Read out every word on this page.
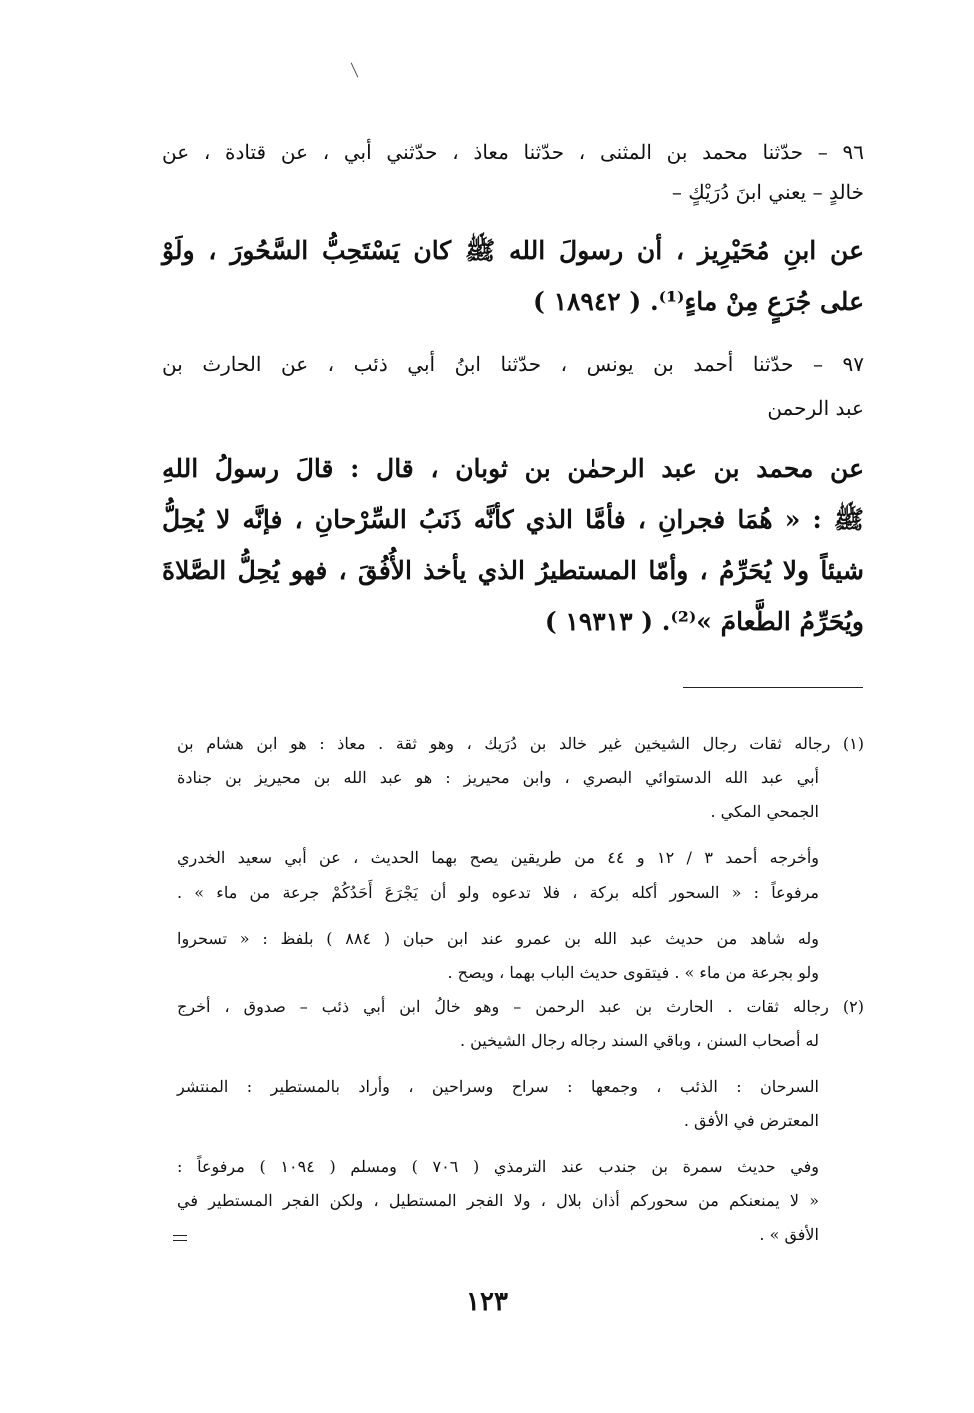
٩٦ – حدّثنا محمد بن المثنى ، حدّثنا معاذ ، حدّثني أبي ، عن قتادة ، عن

خالدٍ – يعني ابنَ دُرَيْكٍ –

عن ابنِ مُحَيْرِيز ، أن رسولَ الله ﷺ كان يَسْتَحِبُّ السَّحُورَ ، ولَوْ

على جُرَعٍ مِنْ ماءٍ⁽¹⁾. ( ١٨٩٤٢ )

٩٧ – حدّثنا أحمد بن يونس ، حدّثنا ابنُ أبي ذئب ، عن الحارث بن

عبد الرحمن

عن محمد بن عبد الرحمٰن بن ثوبان ، قال : قالَ رسولُ اللهِ

ﷺ : « هُمَا فجرانِ ، فأمَّا الذي كأنَّه ذَنَبُ السِّرْحانِ ، فإنَّه لا يُحِلُّ

شيئاً ولا يُحَرِّمُ ، وأمّا المستطيرُ الذي يأخذ الأُفُقَ ، فهو يُحِلُّ الصَّلاةَ

ويُحَرِّمُ الطَّعامَ »⁽²⁾. ( ١٩٣١٣ )

(١) رجاله ثقات رجال الشيخين غير خالد بن دُرَيك ، وهو ثقة . معاذ : هو ابن هشام بن

أبي عبد الله الدستوائي البصري ، وابن محيريز : هو عبد الله بن محيريز بن جنادة

الجمحي المكي .

وأخرجه أحمد ٣ / ١٢ و ٤٤ من طريقين يصح بهما الحديث ، عن أبي سعيد الخدري

مرفوعاً : « السحور أكله بركة ، فلا تدعوه ولو أن يَجْرَعَ أَحَدُكُمْ جرعة من ماء » .

وله شاهد من حديث عبد الله بن عمرو عند ابن حبان ( ٨٨٤ ) بلفظ : « تسحروا

ولو بجرعة من ماء » . فيتقوى حديث الباب بهما ، ويصح .

(٢) رجاله ثقات . الحارث بن عبد الرحمن – وهو خالُ ابن أبي ذئب – صدوق ، أخرج

له أصحاب السنن ، وباقي السند رجاله رجال الشيخين .

السرحان : الذئب ، وجمعها : سراح وسراحين ، وأراد بالمستطير : المنتشر

المعترض في الأفق .

وفي حديث سمرة بن جندب عند الترمذي ( ٧٠٦ ) ومسلم ( ١٠٩٤ ) مرفوعاً :

« لا يمنعنكم من سحوركم أذان بلال ، ولا الفجر المستطيل ، ولكن الفجر المستطير في

الأفق » .

١٢٣
